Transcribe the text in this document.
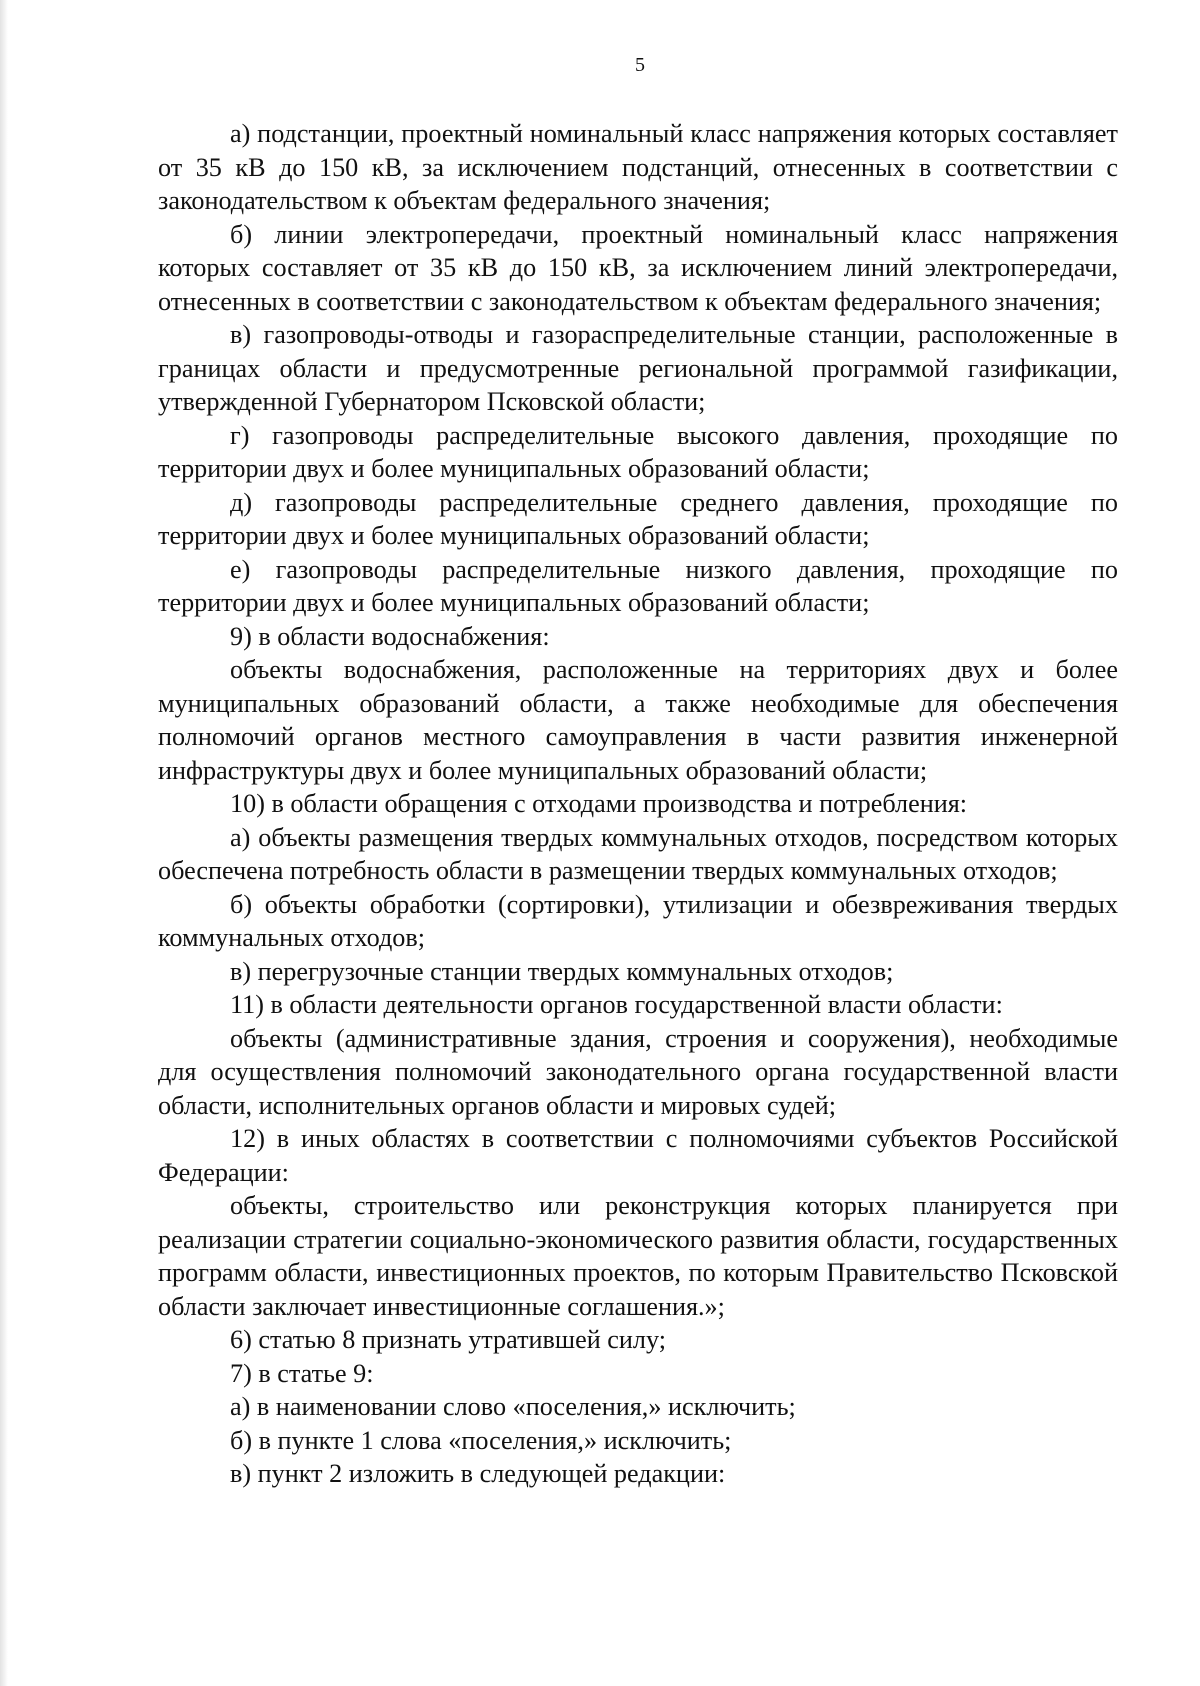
5

а) подстанции, проектный номинальный класс напряжения которых составляет от 35 кВ до 150 кВ, за исключением подстанций, отнесенных в соответствии с законодательством к объектам федерального значения;

б) линии электропередачи, проектный номинальный класс напряжения которых составляет от 35 кВ до 150 кВ, за исключением линий электропередачи, отнесенных в соответствии с законодательством к объектам федерального значения;

в) газопроводы-отводы и газораспределительные станции, расположенные в границах области и предусмотренные региональной программой газификации, утвержденной Губернатором Псковской области;

г) газопроводы распределительные высокого давления, проходящие по территории двух и более муниципальных образований области;

д) газопроводы распределительные среднего давления, проходящие по территории двух и более муниципальных образований области;

е) газопроводы распределительные низкого давления, проходящие по территории двух и более муниципальных образований области;

9) в области водоснабжения:

объекты водоснабжения, расположенные на территориях двух и более муниципальных образований области, а также необходимые для обеспечения полномочий органов местного самоуправления в части развития инженерной инфраструктуры двух и более муниципальных образований области;

10) в области обращения с отходами производства и потребления:

а) объекты размещения твердых коммунальных отходов, посредством которых обеспечена потребность области в размещении твердых коммунальных отходов;

б) объекты обработки (сортировки), утилизации и обезвреживания твердых коммунальных отходов;

в) перегрузочные станции твердых коммунальных отходов;

11) в области деятельности органов государственной власти области:

объекты (административные здания, строения и сооружения), необходимые для осуществления полномочий законодательного органа государственной власти области, исполнительных органов области и мировых судей;

12) в иных областях в соответствии с полномочиями субъектов Российской Федерации:

объекты, строительство или реконструкция которых планируется при реализации стратегии социально-экономического развития области, государственных программ области, инвестиционных проектов, по которым Правительство Псковской области заключает инвестиционные соглашения.»;

6) статью 8 признать утратившей силу;

7) в статье 9:

а) в наименовании слово «поселения,» исключить;

б) в пункте 1 слова «поселения,» исключить;

в) пункт 2 изложить в следующей редакции:
